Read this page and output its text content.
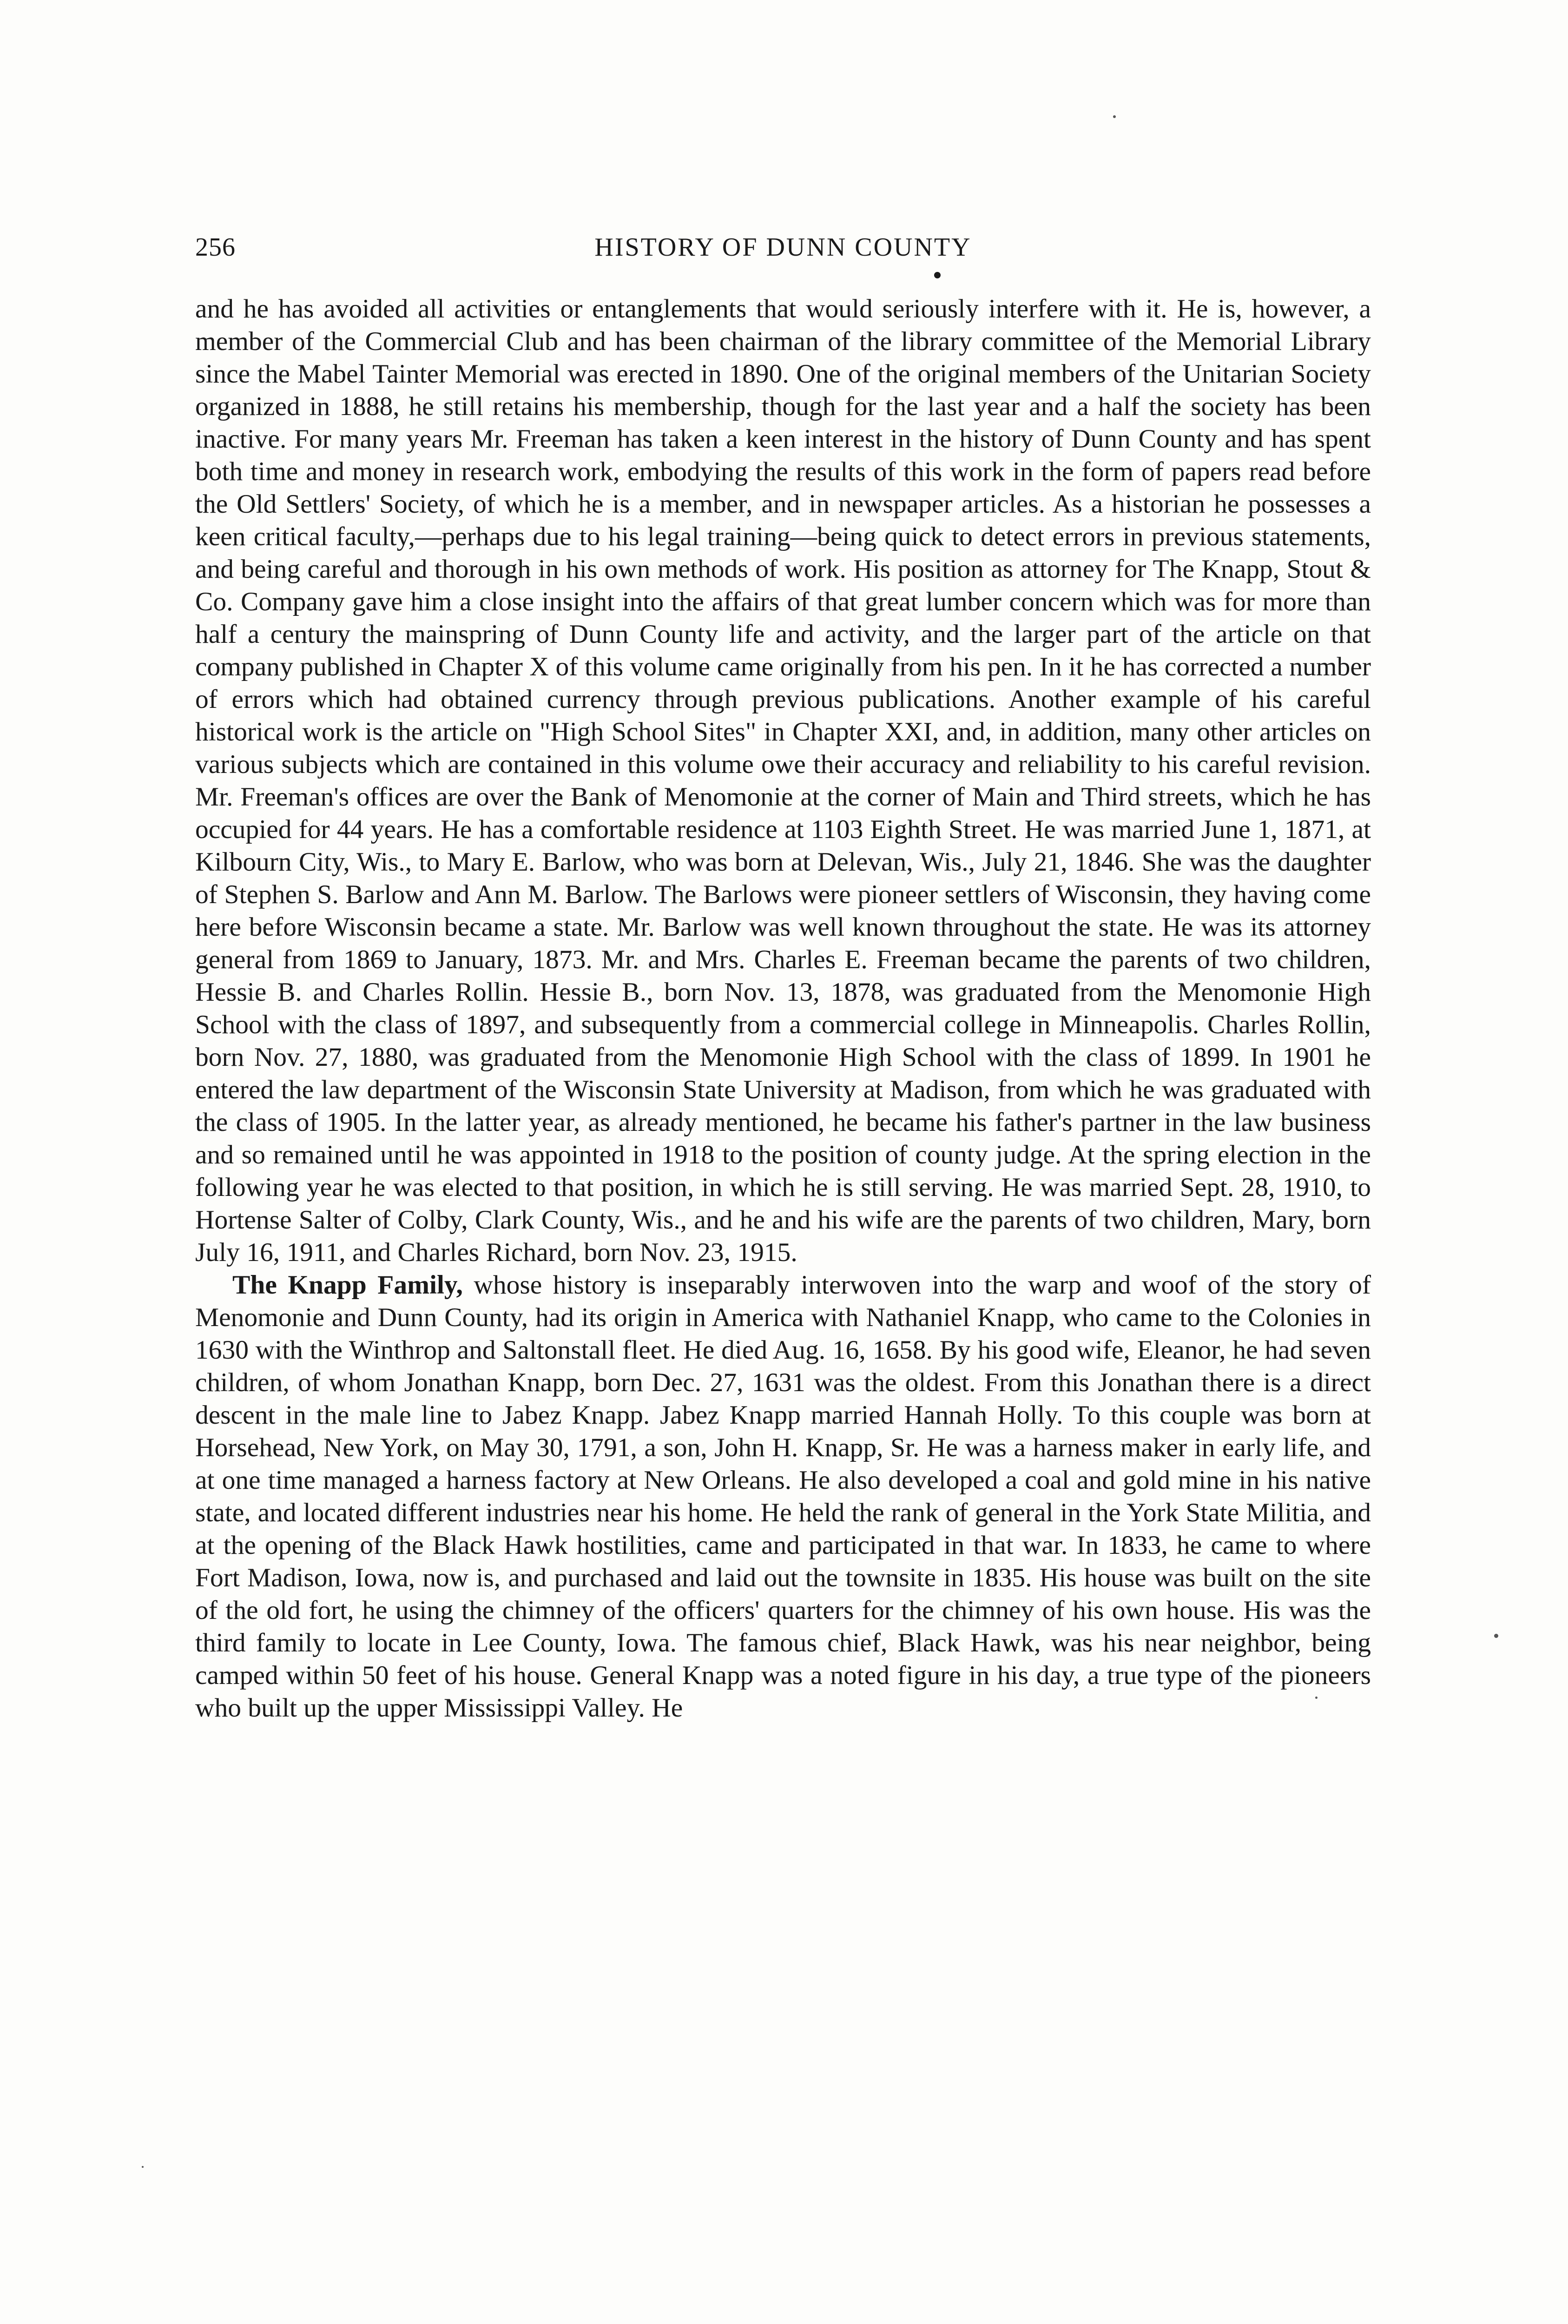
256	HISTORY OF DUNN COUNTY

and he has avoided all activities or entanglements that would seriously interfere with it. He is, however, a member of the Commercial Club and has been chairman of the library committee of the Memorial Library since the Mabel Tainter Memorial was erected in 1890. One of the original members of the Unitarian Society organized in 1888, he still retains his membership, though for the last year and a half the society has been inactive. For many years Mr. Freeman has taken a keen interest in the history of Dunn County and has spent both time and money in research work, embodying the results of this work in the form of papers read before the Old Settlers' Society, of which he is a member, and in newspaper articles. As a historian he possesses a keen critical faculty,—perhaps due to his legal training—being quick to detect errors in previous statements, and being careful and thorough in his own methods of work. His position as attorney for The Knapp, Stout & Co. Company gave him a close insight into the affairs of that great lumber concern which was for more than half a century the mainspring of Dunn County life and activity, and the larger part of the article on that company published in Chapter X of this volume came originally from his pen. In it he has corrected a number of errors which had obtained currency through previous publications. Another example of his careful historical work is the article on "High School Sites" in Chapter XXI, and, in addition, many other articles on various subjects which are contained in this volume owe their accuracy and reliability to his careful revision. Mr. Freeman's offices are over the Bank of Menomonie at the corner of Main and Third streets, which he has occupied for 44 years. He has a comfortable residence at 1103 Eighth Street. He was married June 1, 1871, at Kilbourn City, Wis., to Mary E. Barlow, who was born at Delevan, Wis., July 21, 1846. She was the daughter of Stephen S. Barlow and Ann M. Barlow. The Barlows were pioneer settlers of Wisconsin, they having come here before Wisconsin became a state. Mr. Barlow was well known throughout the state. He was its attorney general from 1869 to January, 1873. Mr. and Mrs. Charles E. Freeman became the parents of two children, Hessie B. and Charles Rollin. Hessie B., born Nov. 13, 1878, was graduated from the Menomonie High School with the class of 1897, and subsequently from a commercial college in Minneapolis. Charles Rollin, born Nov. 27, 1880, was graduated from the Menomonie High School with the class of 1899. In 1901 he entered the law department of the Wisconsin State University at Madison, from which he was graduated with the class of 1905. In the latter year, as already mentioned, he became his father's partner in the law business and so remained until he was appointed in 1918 to the position of county judge. At the spring election in the following year he was elected to that position, in which he is still serving. He was married Sept. 28, 1910, to Hortense Salter of Colby, Clark County, Wis., and he and his wife are the parents of two children, Mary, born July 16, 1911, and Charles Richard, born Nov. 23, 1915.

The Knapp Family, whose history is inseparably interwoven into the warp and woof of the story of Menomonie and Dunn County, had its origin in America with Nathaniel Knapp, who came to the Colonies in 1630 with the Winthrop and Saltonstall fleet. He died Aug. 16, 1658. By his good wife, Eleanor, he had seven children, of whom Jonathan Knapp, born Dec. 27, 1631 was the oldest. From this Jonathan there is a direct descent in the male line to Jabez Knapp. Jabez Knapp married Hannah Holly. To this couple was born at Horsehead, New York, on May 30, 1791, a son, John H. Knapp, Sr. He was a harness maker in early life, and at one time managed a harness factory at New Orleans. He also developed a coal and gold mine in his native state, and located different industries near his home. He held the rank of general in the York State Militia, and at the opening of the Black Hawk hostilities, came and participated in that war. In 1833, he came to where Fort Madison, Iowa, now is, and purchased and laid out the townsite in 1835. His house was built on the site of the old fort, he using the chimney of the officers' quarters for the chimney of his own house. His was the third family to locate in Lee County, Iowa. The famous chief, Black Hawk, was his near neighbor, being camped within 50 feet of his house. General Knapp was a noted figure in his day, a true type of the pioneers who built up the upper Mississippi Valley. He
